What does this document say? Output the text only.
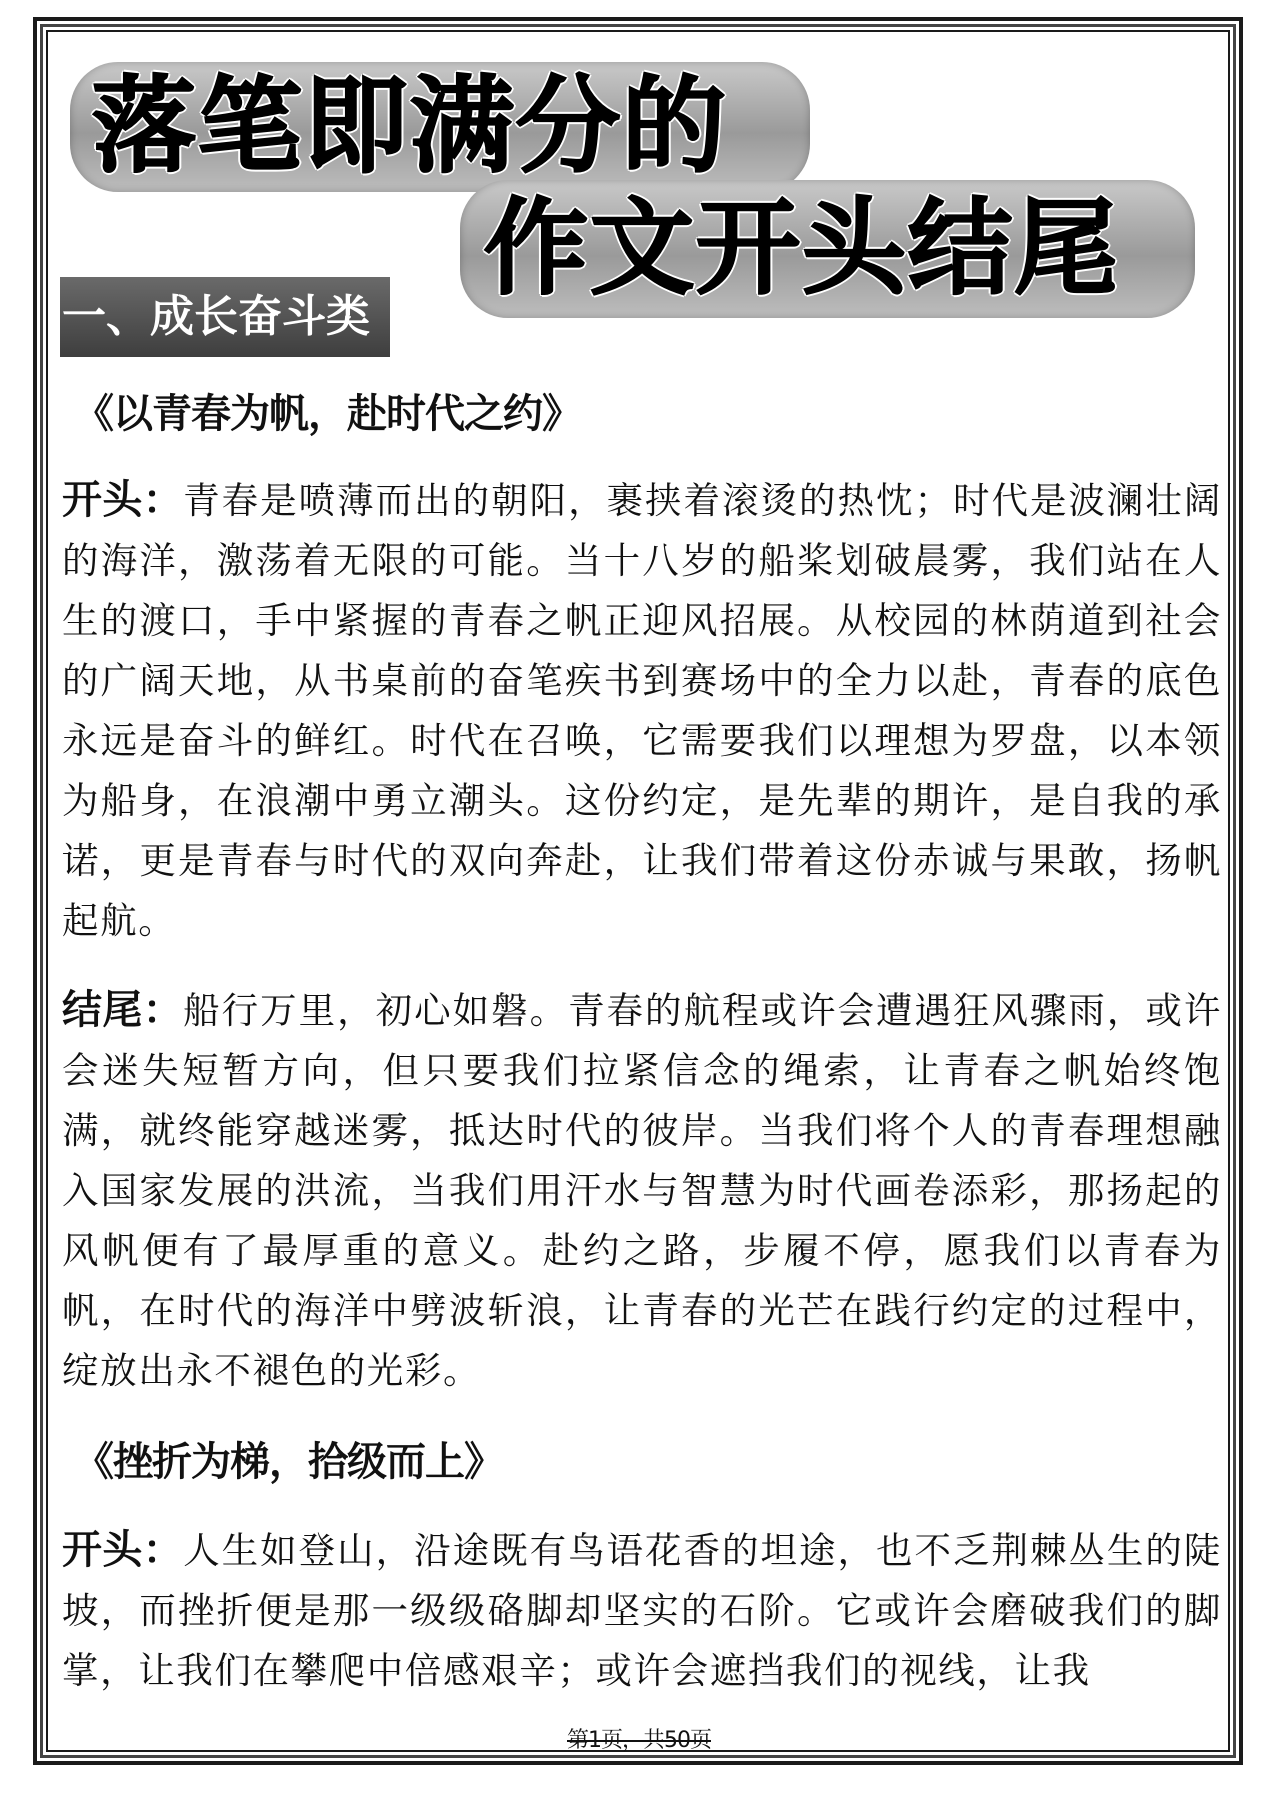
落笔即满分的
作文开头结尾
一、成长奋斗类
《以青春为帆，赴时代之约》
开头：青春是喷薄而出的朝阳，裹挟着滚烫的热忱；时代是波澜壮阔的海洋，激荡着无限的可能。当十八岁的船桨划破晨雾，我们站在人生的渡口，手中紧握的青春之帆正迎风招展。从校园的林荫道到社会的广阔天地，从书桌前的奋笔疾书到赛场中的全力以赴，青春的底色永远是奋斗的鲜红。时代在召唤，它需要我们以理想为罗盘，以本领为船身，在浪潮中勇立潮头。这份约定，是先辈的期许，是自我的承诺，更是青春与时代的双向奔赴，让我们带着这份赤诚与果敢，扬帆起航。
结尾：船行万里，初心如磐。青春的航程或许会遭遇狂风骤雨，或许会迷失短暂方向，但只要我们拉紧信念的绳索，让青春之帆始终饱满，就终能穿越迷雾，抵达时代的彼岸。当我们将个人的青春理想融入国家发展的洪流，当我们用汗水与智慧为时代画卷添彩，那扬起的风帆便有了最厚重的意义。赴约之路，步履不停，愿我们以青春为帆，在时代的海洋中劈波斩浪，让青春的光芒在践行约定的过程中，绽放出永不褪色的光彩。
《挫折为梯，拾级而上》
开头：人生如登山，沿途既有鸟语花香的坦途，也不乏荆棘丛生的陡坡，而挫折便是那一级级硌脚却坚实的石阶。它或许会磨破我们的脚掌，让我们在攀爬中倍感艰辛；或许会遮挡我们的视线，让我
第1页，共50页
